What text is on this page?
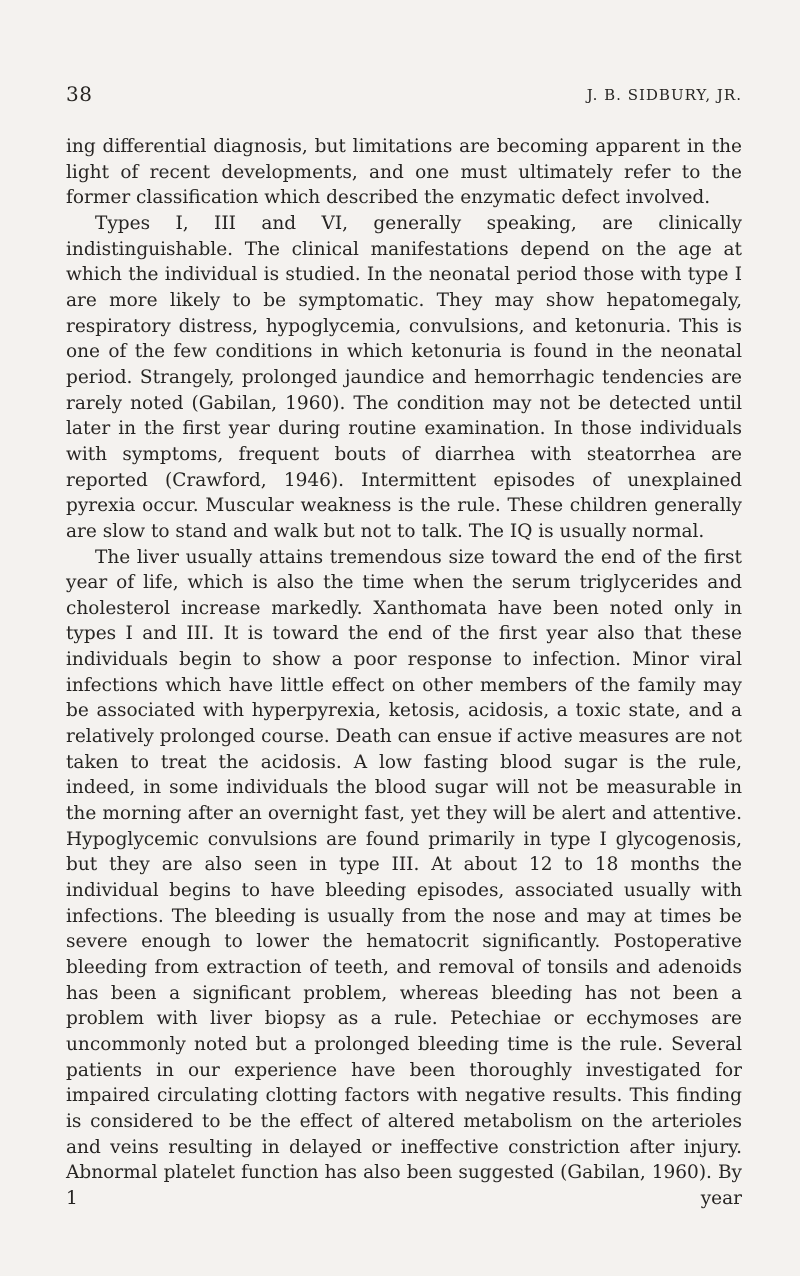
38	J. B. SIDBURY, JR.

ing differential diagnosis, but limitations are becoming apparent in the light of recent developments, and one must ultimately refer to the former classification which described the enzymatic defect involved.

Types I, III and VI, generally speaking, are clinically indistinguishable. The clinical manifestations depend on the age at which the individual is studied. In the neonatal period those with type I are more likely to be symptomatic. They may show hepatomegaly, respiratory distress, hypoglycemia, convulsions, and ketonuria. This is one of the few conditions in which ketonuria is found in the neonatal period. Strangely, prolonged jaundice and hemorrhagic tendencies are rarely noted (Gabilan, 1960). The condition may not be detected until later in the first year during routine examination. In those individuals with symptoms, frequent bouts of diarrhea with steatorrhea are reported (Crawford, 1946). Intermittent episodes of unexplained pyrexia occur. Muscular weakness is the rule. These children generally are slow to stand and walk but not to talk. The IQ is usually normal.

The liver usually attains tremendous size toward the end of the first year of life, which is also the time when the serum triglycerides and cholesterol increase markedly. Xanthomata have been noted only in types I and III. It is toward the end of the first year also that these individuals begin to show a poor response to infection. Minor viral infections which have little effect on other members of the family may be associated with hyperpyrexia, ketosis, acidosis, a toxic state, and a relatively prolonged course. Death can ensue if active measures are not taken to treat the acidosis. A low fasting blood sugar is the rule, indeed, in some individuals the blood sugar will not be measurable in the morning after an overnight fast, yet they will be alert and attentive. Hypoglycemic convulsions are found primarily in type I glycogenosis, but they are also seen in type III. At about 12 to 18 months the individual begins to have bleeding episodes, associated usually with infections. The bleeding is usually from the nose and may at times be severe enough to lower the hematocrit significantly. Postoperative bleeding from extraction of teeth, and removal of tonsils and adenoids has been a significant problem, whereas bleeding has not been a problem with liver biopsy as a rule. Petechiae or ecchymoses are uncommonly noted but a prolonged bleeding time is the rule. Several patients in our experience have been thoroughly investigated for impaired circulating clotting factors with negative results. This finding is considered to be the effect of altered metabolism on the arterioles and veins resulting in delayed or ineffective constriction after injury. Abnormal platelet function has also been suggested (Gabilan, 1960). By 1 year
